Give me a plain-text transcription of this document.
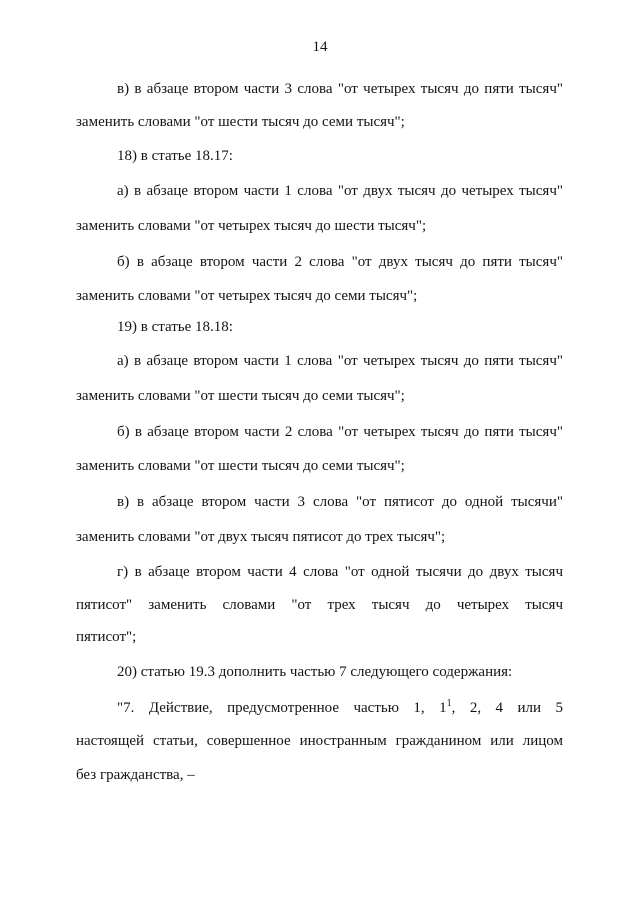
14
в) в абзаце втором части 3 слова "от четырех тысяч до пяти тысяч"
заменить словами "от шести тысяч до семи тысяч";
18) в статье 18.17:
а) в абзаце втором части 1 слова "от двух тысяч до четырех тысяч"
заменить словами "от четырех тысяч до шести тысяч";
б) в абзаце втором части 2 слова "от двух тысяч до пяти тысяч"
заменить словами "от четырех тысяч до семи тысяч";
19) в статье 18.18:
а) в абзаце втором части 1 слова "от четырех тысяч до пяти тысяч"
заменить словами "от шести тысяч до семи тысяч";
б) в абзаце втором части 2 слова "от четырех тысяч до пяти тысяч"
заменить словами "от шести тысяч до семи тысяч";
в) в абзаце втором части 3 слова "от пятисот до одной тысячи"
заменить словами "от двух тысяч пятисот до трех тысяч";
г) в абзаце втором части 4 слова "от одной тысячи до двух тысяч
пятисот" заменить словами "от трех тысяч до четырех тысяч
пятисот";
20) статью 19.3 дополнить частью 7 следующего содержания:
"7. Действие, предусмотренное частью 1, $1^1$, 2, 4 или 5
настоящей статьи, совершенное иностранным гражданином или лицом
без гражданства, –
